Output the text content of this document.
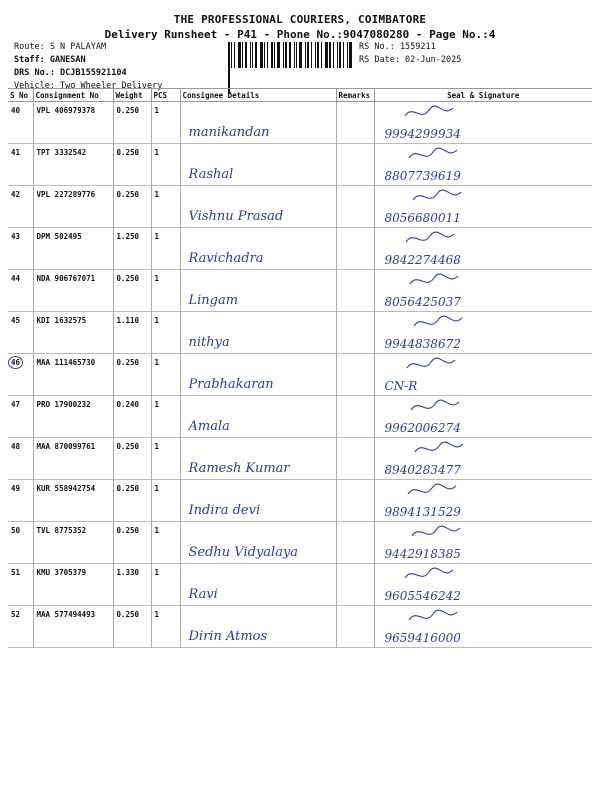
THE PROFESSIONAL COURIERS, COIMBATORE
Delivery Runsheet - P41 - Phone No.:9047080280 - Page No.:4
Route: S N PALAYAM
Staff: GANESAN
DRS No.: DCJB155921104
Vehicle: Two Wheeler Delivery
RS No.: 1559211
RS Date: 02-Jun-2025
S No	Consignment No	Weight	PCS	Consignee Details	Remarks	Seal & Signature
40	VPL 406979378	0.250	1	manikandan		9994299934

41	TPT 3332542	0.250	1	Rashal		8807739619

42	VPL 227289776	0.250	1	Vishnu Prasad		8056680011

43	DPM 502495	1.250	1	Ravichadra		9842274468

44	NDA 906767071	0.250	1	Lingam		8056425037

45	KDI 1632575	1.110	1	nithya		9944838672

46	MAA 111465730	0.250	1	Prabhakaran		CN-R

47	PRO 17900232	0.240	1	Amala		9962006274

48	MAA 870099761	0.250	1	Ramesh Kumar		8940283477

49	KUR 558942754	0.250	1	Indira devi		9894131529

50	TVL 8775352	0.250	1	Sedhu Vidyalaya		9442918385

51	KMU 3705379	1.330	1	Ravi		9605546242

52	MAA 577494493	0.250	1	Dirin Atmos		9659416000
